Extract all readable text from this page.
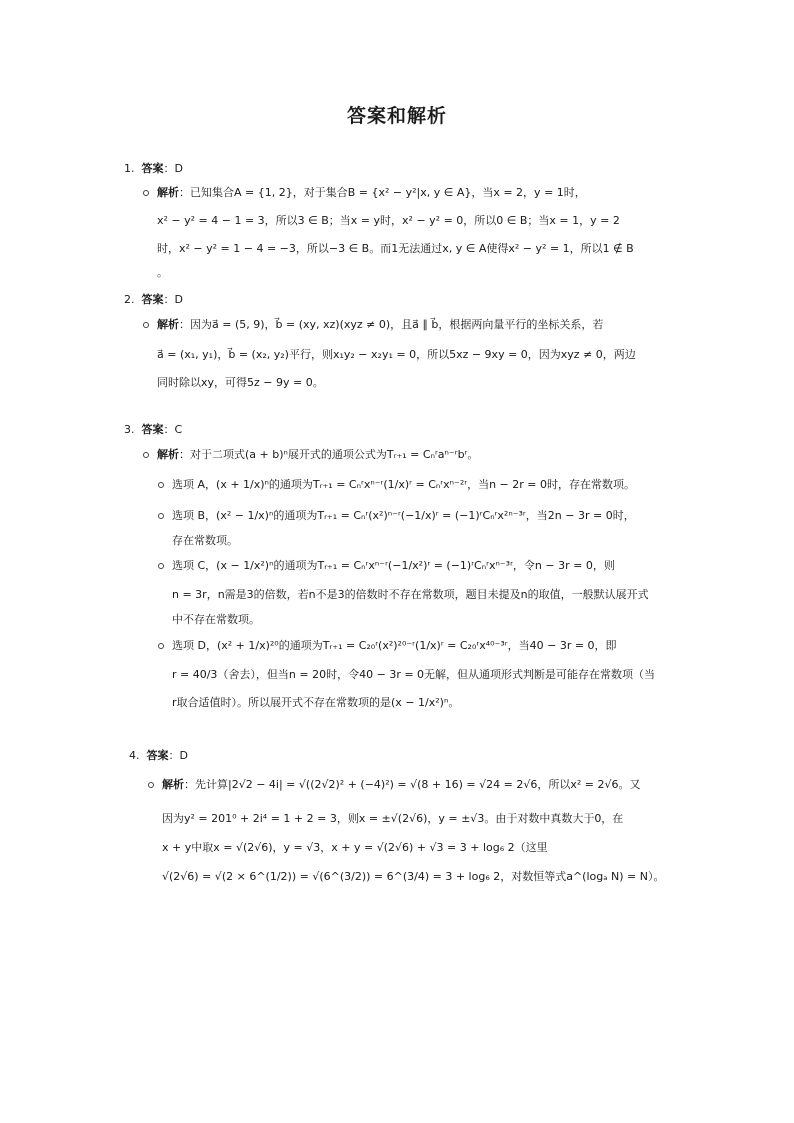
答案和解析
1. 答案：D
解析：已知集合A = {1, 2}，对于集合B = {x² − y²|x, y ∈ A}，当x = 2，y = 1时，
x² − y² = 4 − 1 = 3，所以3 ∈ B；当x = y时，x² − y² = 0，所以0 ∈ B；当x = 1，y = 2
时，x² − y² = 1 − 4 = −3，所以−3 ∈ B。而1无法通过x, y ∈ A使得x² − y² = 1，所以1 ∉ B
。
2. 答案：D
解析：因为a⃗ = (5, 9)，b⃗ = (xy, xz)(xyz ≠ 0)，且a⃗ ∥ b⃗，根据两向量平行的坐标关系，若
a⃗ = (x₁, y₁)，b⃗ = (x₂, y₂)平行，则x₁y₂ − x₂y₁ = 0，所以5xz − 9xy = 0，因为xyz ≠ 0，两边
同时除以xy，可得5z − 9y = 0。
3. 答案：C
解析：对于二项式(a + b)ⁿ展开式的通项公式为Tᵣ₊₁ = Cₙʳaⁿ⁻ʳbʳ。
选项 A，(x + 1/x)ⁿ的通项为Tᵣ₊₁ = Cₙʳxⁿ⁻ʳ(1/x)ʳ = Cₙʳxⁿ⁻²ʳ，当n − 2r = 0时，存在常数项。
选项 B，(x² − 1/x)ⁿ的通项为Tᵣ₊₁ = Cₙʳ(x²)ⁿ⁻ʳ(−1/x)ʳ = (−1)ʳCₙʳx²ⁿ⁻³ʳ，当2n − 3r = 0时，
存在常数项。
选项 C，(x − 1/x²)ⁿ的通项为Tᵣ₊₁ = Cₙʳxⁿ⁻ʳ(−1/x²)ʳ = (−1)ʳCₙʳxⁿ⁻³ʳ，令n − 3r = 0，则
n = 3r，n需是3的倍数，若n不是3的倍数时不存在常数项，题目未提及n的取值，一般默认展开式
中不存在常数项。
选项 D，(x² + 1/x)²⁰的通项为Tᵣ₊₁ = C₂₀ʳ(x²)²⁰⁻ʳ(1/x)ʳ = C₂₀ʳx⁴⁰⁻³ʳ，当40 − 3r = 0，即
r = 40/3（舍去），但当n = 20时，令40 − 3r = 0无解，但从通项形式判断是可能存在常数项（当
r取合适值时）。所以展开式不存在常数项的是(x − 1/x²)ⁿ。
4. 答案：D
解析：先计算|2√2 − 4i| = √((2√2)² + (−4)²) = √(8 + 16) = √24 = 2√6，所以x² = 2√6。又
因为y² = 201⁰ + 2i⁴ = 1 + 2 = 3，则x = ±√(2√6)，y = ±√3。由于对数中真数大于0，在
x + y中取x = √(2√6)，y = √3，x + y = √(2√6) + √3 = 3 + log₆ 2（这里
√(2√6) = √(2 × 6^(1/2)) = √(6^(3/2)) = 6^(3/4) = 3 + log₆ 2，对数恒等式a^(logₐ N) = N）。
